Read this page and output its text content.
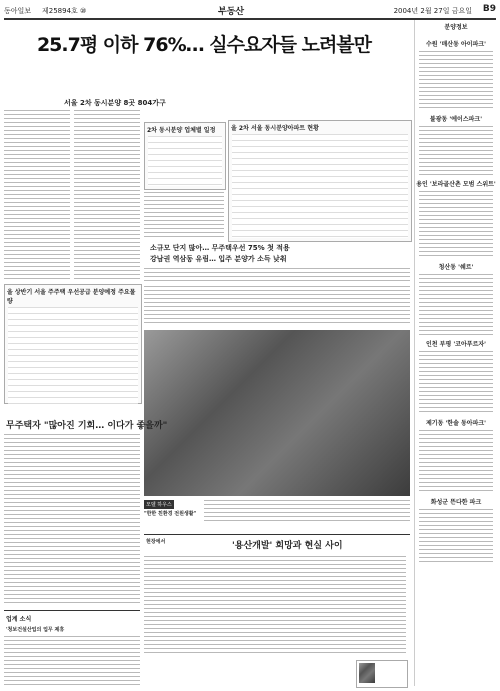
동아일보 제25894호 ⑩	부동산	2004년 2월 27일 금요일 B9
25.7평 이하 76%… 실수요자들 노려볼만
서울 2차 동시분양 8곳 804가구
2차 동시분양 업체별 일정
소규모 단지 많아… 무주택우선 75% 첫 적용
강남권 역삼동 유림… 입주 분양가 소득 낮춰
올 2차 서울 동시분양아파트 현황
올 상반기 서울 주주택 우선공급 분양예정 주요물량
무주택자 "많아진 기회… 이다가 좋을까"
모델 하우스
"한한 친환경 전원생활"
현장에서	'용산개발' 희망과 현실 사이
업계 소식
'청보건설산업의 업무 제휴
분양정보
수원 '매산동 아이파크'
불광동 '에이스파크'
용인 '보라골산촌 모범 스위트'
청산동 '쉐르'
인천 부평 '코아푸르자'
제기동 '한솔 동아파크'
화성군 뜬다한 파크
